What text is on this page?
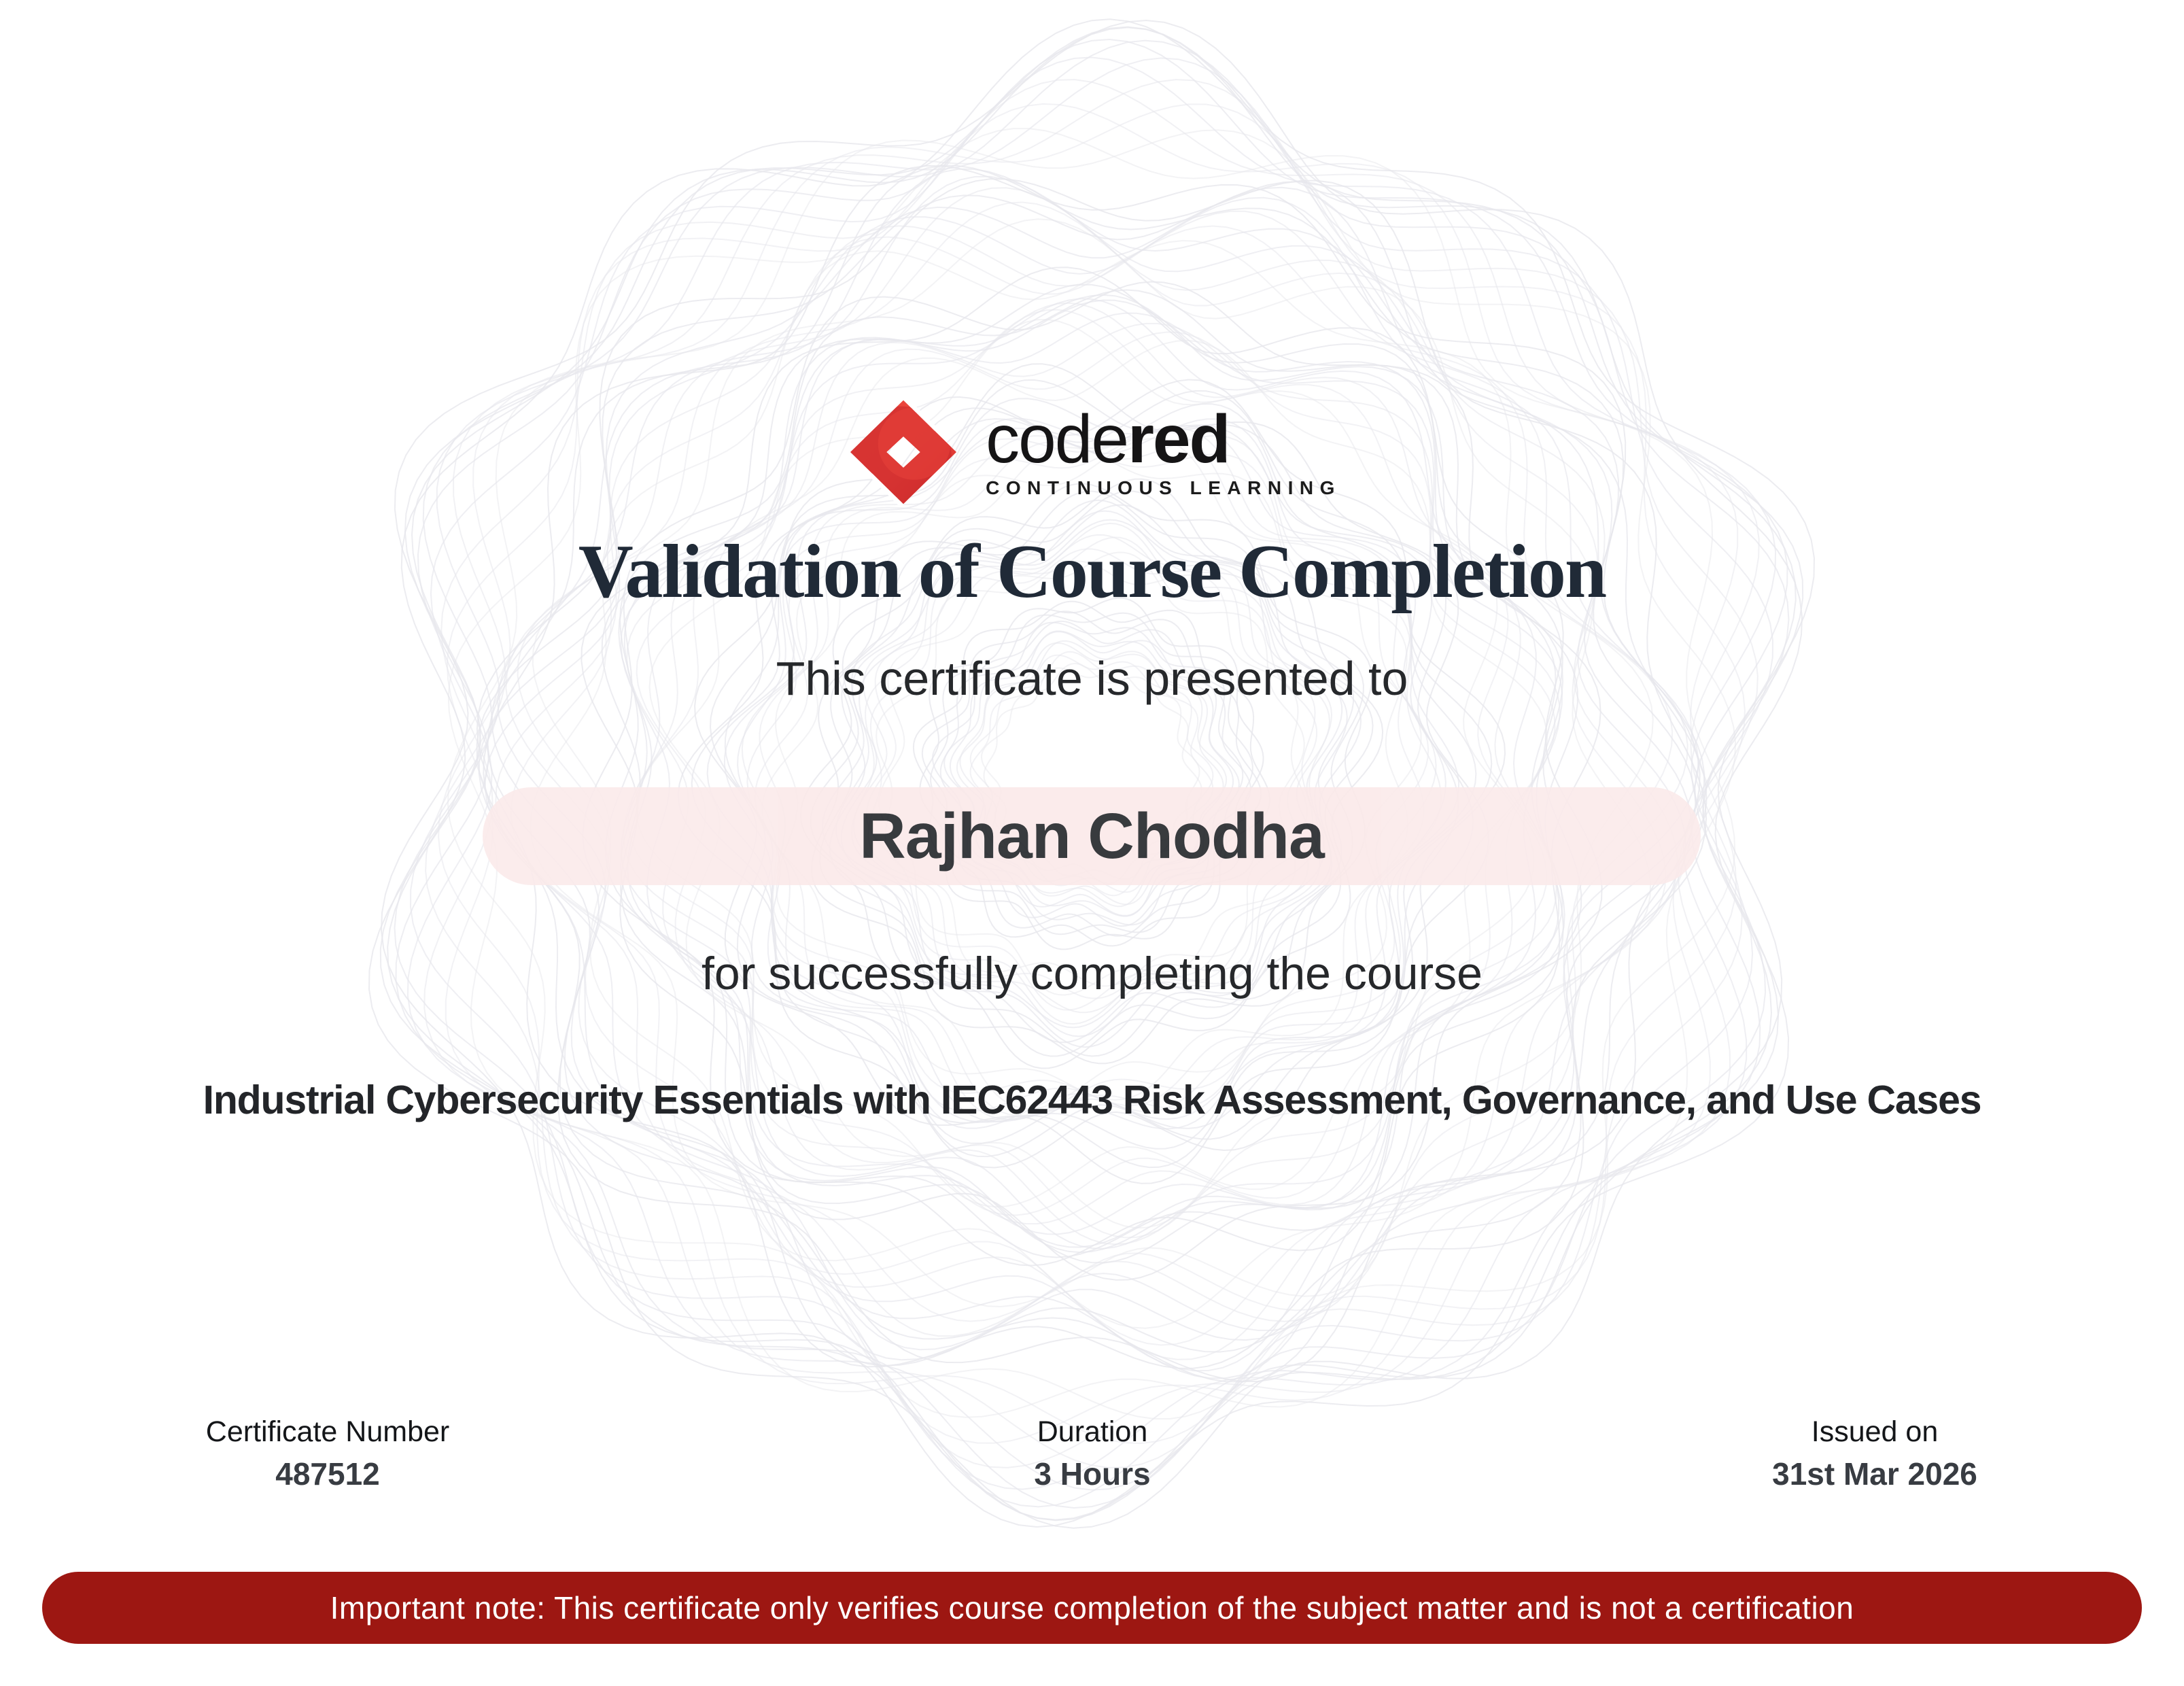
codered
CONTINUOUS LEARNING
Validation of Course Completion
This certificate is presented to
Rajhan Chodha
for successfully completing the course
Industrial Cybersecurity Essentials with IEC62443 Risk Assessment, Governance, and Use Cases
Certificate Number
487512
Duration
3 Hours
Issued on
31st Mar 2026
Important note: This certificate only verifies course completion of the subject matter and is not a certification
